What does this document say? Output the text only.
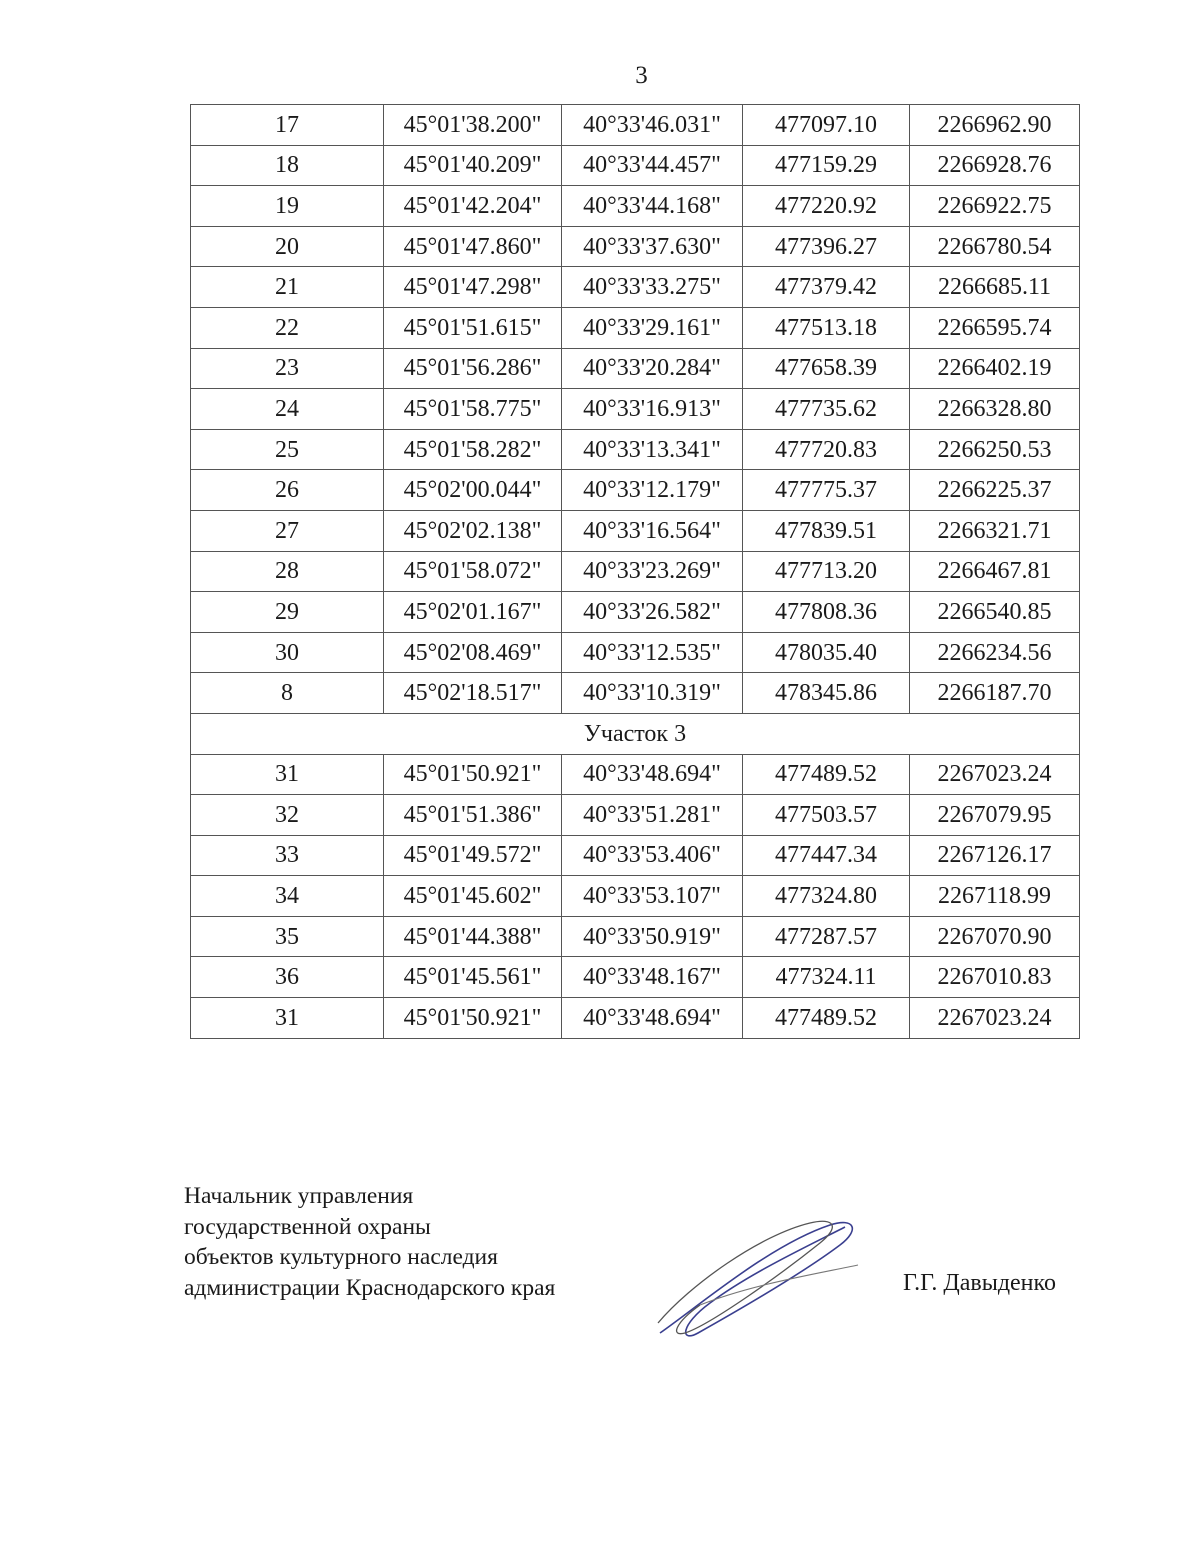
3
17	45°01'38.200"	40°33'46.031"	477097.10	2266962.90
18	45°01'40.209"	40°33'44.457"	477159.29	2266928.76
19	45°01'42.204"	40°33'44.168"	477220.92	2266922.75
20	45°01'47.860"	40°33'37.630"	477396.27	2266780.54
21	45°01'47.298"	40°33'33.275"	477379.42	2266685.11
22	45°01'51.615"	40°33'29.161"	477513.18	2266595.74
23	45°01'56.286"	40°33'20.284"	477658.39	2266402.19
24	45°01'58.775"	40°33'16.913"	477735.62	2266328.80
25	45°01'58.282"	40°33'13.341"	477720.83	2266250.53
26	45°02'00.044"	40°33'12.179"	477775.37	2266225.37
27	45°02'02.138"	40°33'16.564"	477839.51	2266321.71
28	45°01'58.072"	40°33'23.269"	477713.20	2266467.81
29	45°02'01.167"	40°33'26.582"	477808.36	2266540.85
30	45°02'08.469"	40°33'12.535"	478035.40	2266234.56
8	45°02'18.517"	40°33'10.319"	478345.86	2266187.70
Участок 3				
31	45°01'50.921"	40°33'48.694"	477489.52	2267023.24
32	45°01'51.386"	40°33'51.281"	477503.57	2267079.95
33	45°01'49.572"	40°33'53.406"	477447.34	2267126.17
34	45°01'45.602"	40°33'53.107"	477324.80	2267118.99
35	45°01'44.388"	40°33'50.919"	477287.57	2267070.90
36	45°01'45.561"	40°33'48.167"	477324.11	2267010.83
31	45°01'50.921"	40°33'48.694"	477489.52	2267023.24
Начальник управления
государственной охраны
объектов культурного наследия
администрации Краснодарского края	Г.Г. Давыденко
